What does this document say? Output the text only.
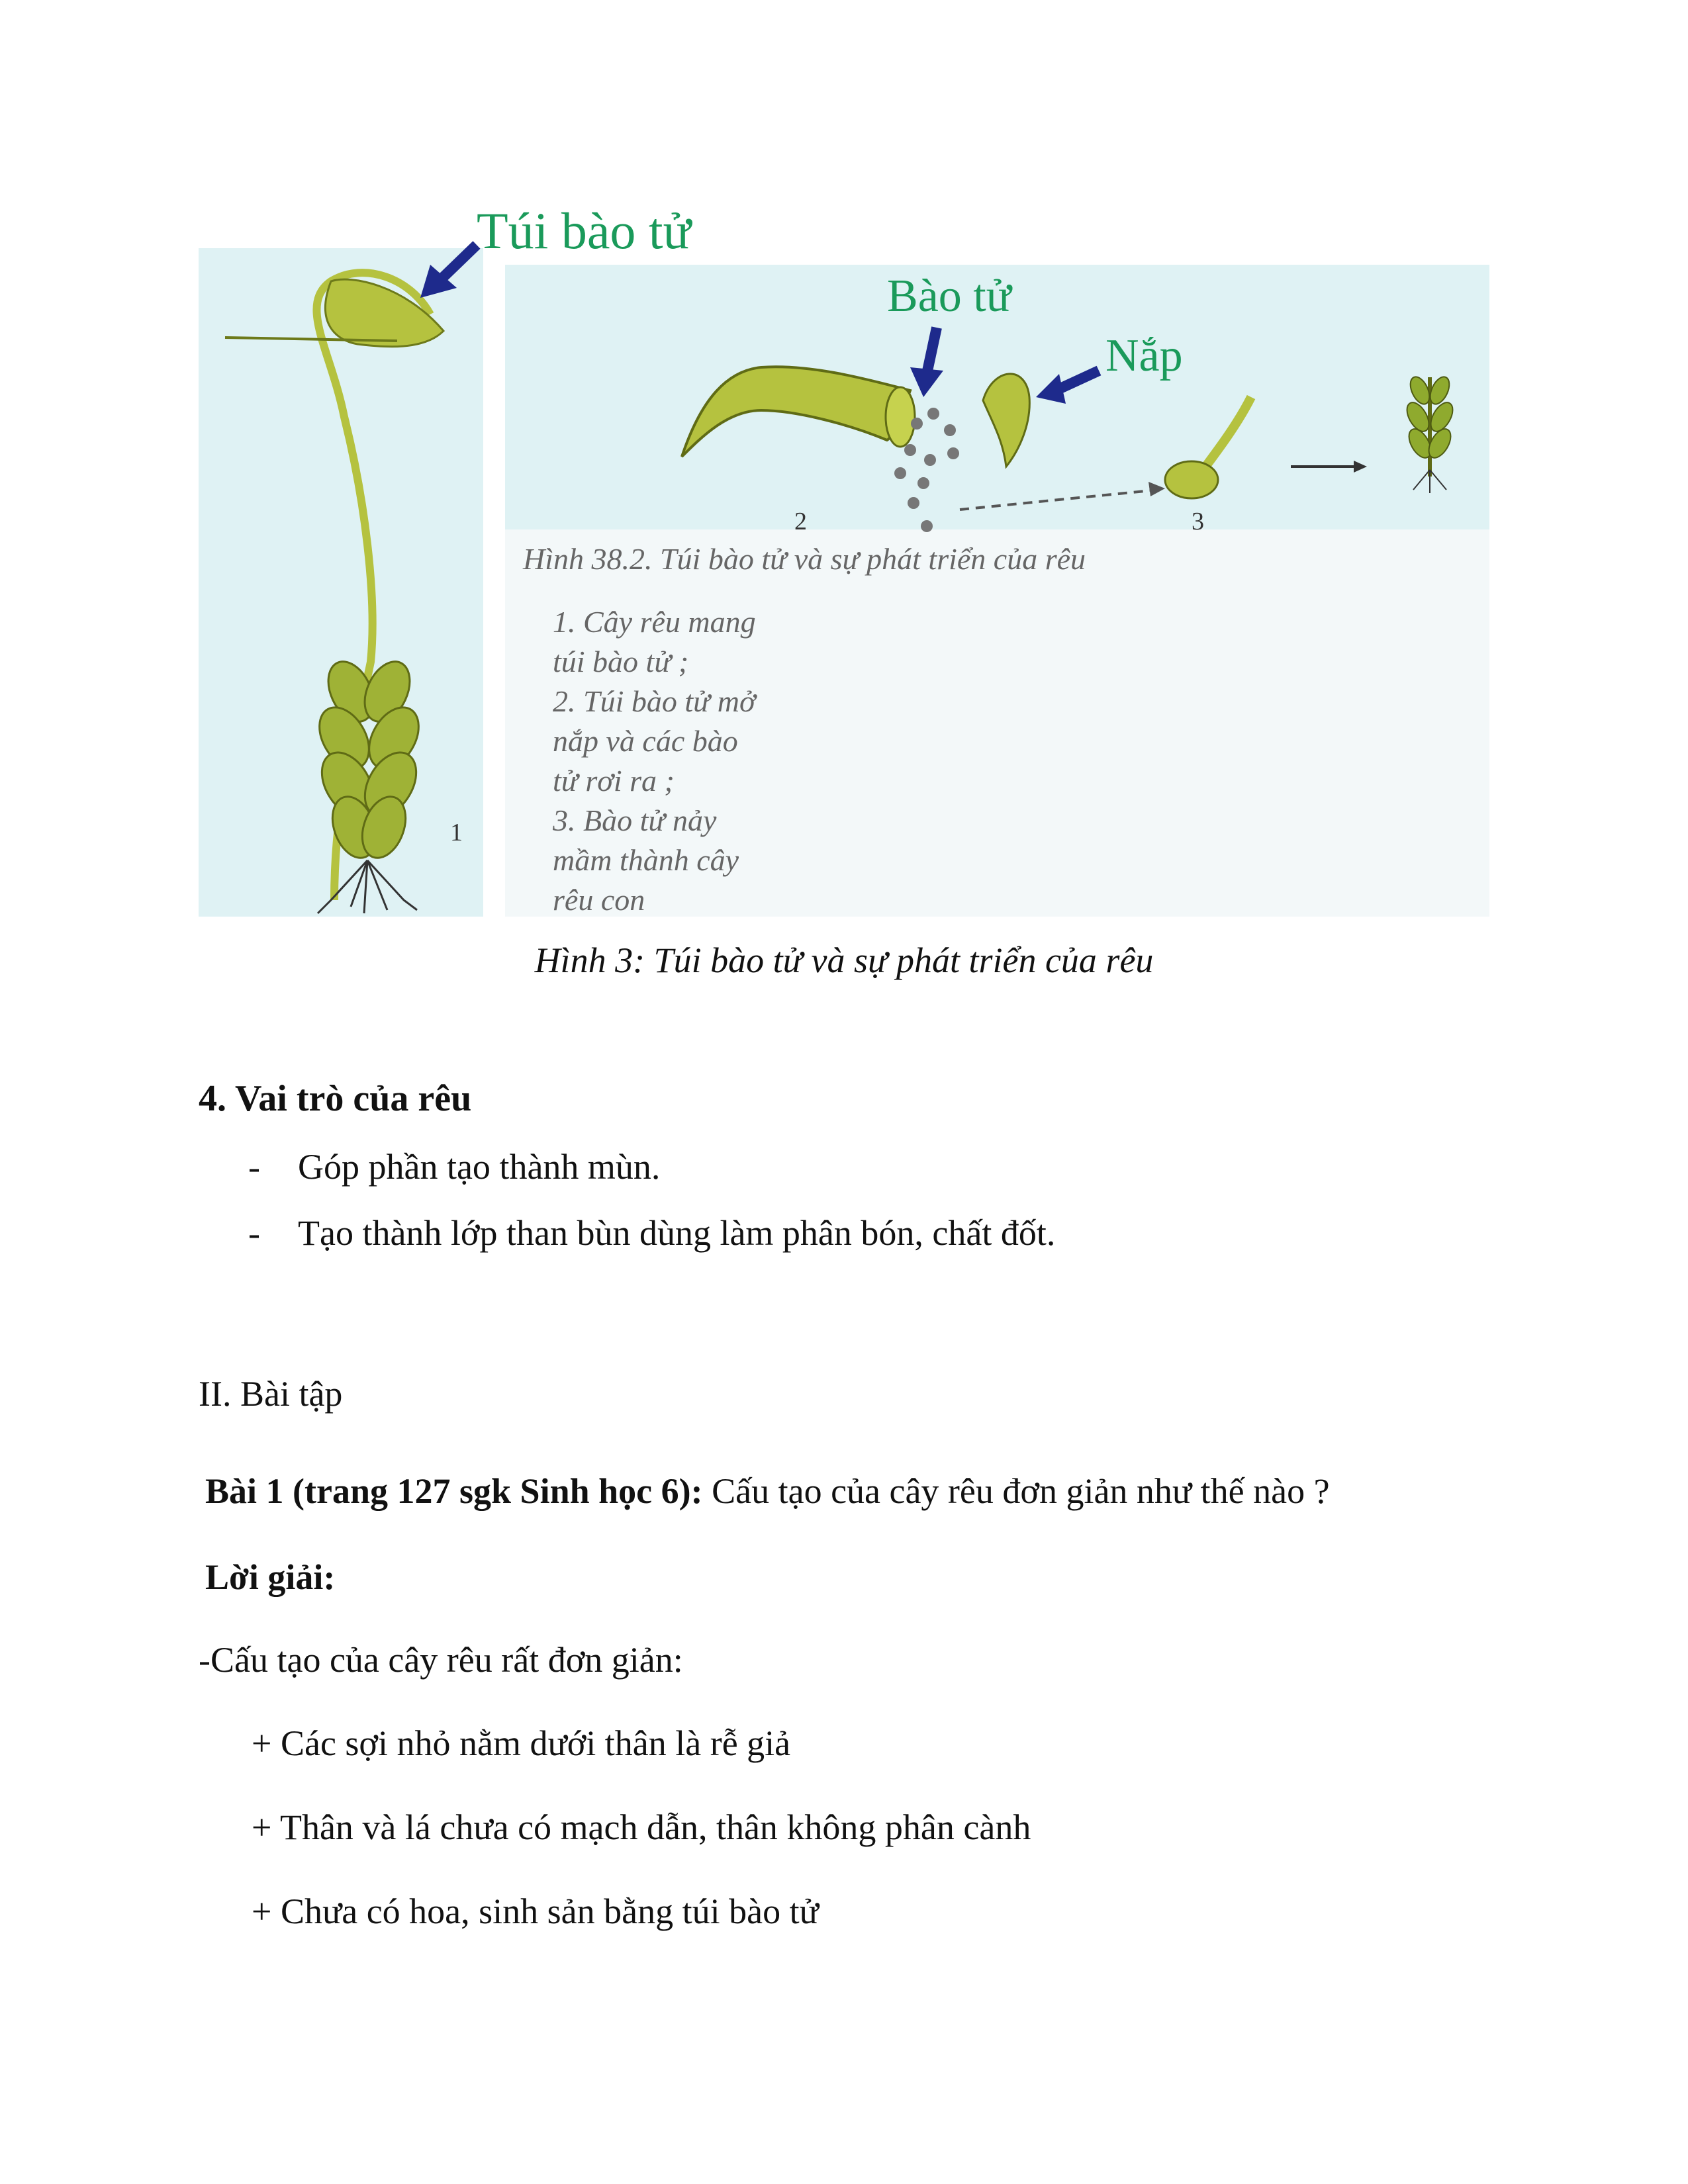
1
Túi bào tử
2
Bào tử
Nắp
3
Hình 38.2. Túi bào tử và sự phát triển của rêu
1. Cây rêu mang
túi bào tử ;
2. Túi bào tử mở
nắp và các bào
tử rơi ra ;
3. Bào tử nảy
mầm thành cây
rêu con
Hình 3: Túi bào tử và sự phát triển của rêu
4. Vai trò của rêu
- Góp phần tạo thành mùn.
- Tạo thành lớp than bùn dùng làm phân bón, chất đốt.
II. Bài tập
Bài 1 (trang 127 sgk Sinh học 6): Cấu tạo của cây rêu đơn giản như thế nào ?
Lời giải:
-Cấu tạo của cây rêu rất đơn giản:
+ Các sợi nhỏ nằm dưới thân là rễ giả
+ Thân và lá chưa có mạch dẫn, thân không phân cành
+ Chưa có hoa, sinh sản bằng túi bào tử
